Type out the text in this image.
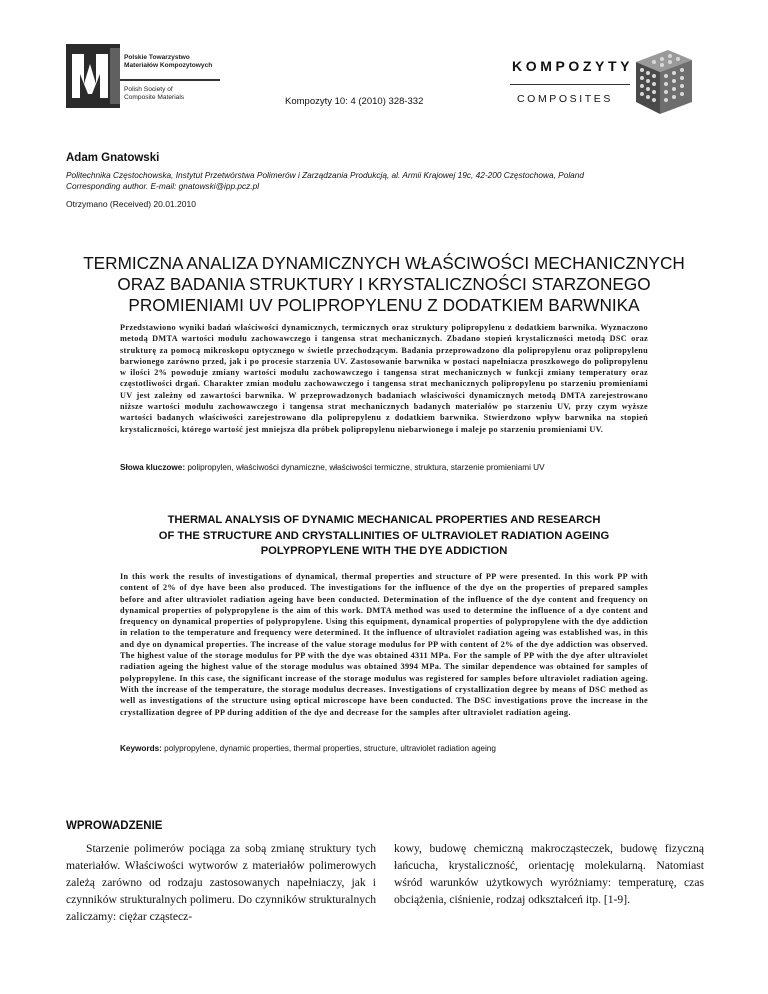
Polskie Towarzystwo
Materiałów Kompozytowych
Polish Society of
Composite Materials	Kompozyty 10: 4 (2010) 328-332
KOMPOZYTY
COMPOSITES
Adam Gnatowski
Politechnika Częstochowska, Instytut Przetwórstwa Polimerów i Zarządzania Produkcją, al. Armii Krajowej 19c, 42-200 Częstochowa, Poland
Corresponding author. E-mail: gnatowski@ipp.pcz.pl
Otrzymano (Received) 20.01.2010
TERMICZNA ANALIZA DYNAMICZNYCH WŁAŚCIWOŚCI MECHANICZNYCH
ORAZ BADANIA STRUKTURY I KRYSTALICZNOŚCI STARZONEGO
PROMIENIAMI UV POLIPROPYLENU Z DODATKIEM BARWNIKA
Przedstawiono wyniki badań właściwości dynamicznych, termicznych oraz struktury polipropylenu z dodatkiem barwnika. Wyznaczono metodą DMTA wartości modułu zachowawczego i tangensa strat mechanicznych. Zbadano stopień krystaliczności metodą DSC oraz strukturę za pomocą mikroskopu optycznego w świetle przechodzącym. Badania przeprowadzono dla polipropylenu oraz polipropylenu barwionego zarówno przed, jak i po procesie starzenia UV. Zastosowanie barwnika w postaci napełniacza proszkowego do polipropylenu w ilości 2% powoduje zmiany wartości modułu zachowawczego i tangensa strat mechanicznych w funkcji zmiany temperatury oraz częstotliwości drgań. Charakter zmian modułu zachowawczego i tangensa strat mechanicznych polipropylenu po starzeniu promieniami UV jest zależny od zawartości barwnika. W przeprowadzonych badaniach właściwości dynamicznych metodą DMTA zarejestrowano niższe wartości modułu zachowawczego i tangensa strat mechanicznych badanych materiałów po starzeniu UV, przy czym wyższe wartości badanych właściwości zarejestrowano dla polipropylenu z dodatkiem barwnika. Stwierdzono wpływ barwnika na stopień krystaliczności, którego wartość jest mniejsza dla próbek polipropylenu niebarwionego i maleje po starzeniu promieniami UV.
Słowa kluczowe: polipropylen, właściwości dynamiczne, właściwości termiczne, struktura, starzenie promieniami UV
THERMAL ANALYSIS OF DYNAMIC MECHANICAL PROPERTIES AND RESEARCH
OF THE STRUCTURE AND CRYSTALLINITIES OF ULTRAVIOLET RADIATION AGEING
POLYPROPYLENE WITH THE DYE ADDICTION
In this work the results of investigations of dynamical, thermal properties and structure of PP were presented. In this work PP with content of 2% of dye have been also produced. The investigations for the influence of the dye on the properties of prepared samples before and after ultraviolet radiation ageing have been conducted. Determination of the influence of the dye content and frequency on dynamical properties of polypropylene is the aim of this work. DMTA method was used to determine the influence of a dye content and frequency on dynamical properties of polypropylene. Using this equipment, dynamical properties of polypropylene with the dye addiction in relation to the temperature and frequency were determined. It the influence of ultraviolet radiation ageing was established was, in this and dye on dynamical properties. The increase of the value storage modulus for PP with content of 2% of the dye addiction was observed. The highest value of the storage modulus for PP with the dye was obtained 4311 MPa. For the sample of PP with the dye after ultraviolet radiation ageing the highest value of the storage modulus was obtained 3994 MPa. The similar dependence was obtained for samples of polypropylene. In this case, the significant increase of the storage modulus was registered for samples before ultraviolet radiation ageing. With the increase of the temperature, the storage modulus decreases. Investigations of crystallization degree by means of DSC method as well as investigations of the structure using optical microscope have been conducted. The DSC investigations prove the increase in the crystallization degree of PP during addition of the dye and decrease for the samples after ultraviolet radiation ageing.
Keywords: polypropylene, dynamic properties, thermal properties, structure, ultraviolet radiation ageing
WPROWADZENIE
Starzenie polimerów pociąga za sobą zmianę struktury tych materiałów. Właściwości wytworów z materiałów polimerowych zależą zarówno od rodzaju zastosowanych napełniaczy, jak i czynników strukturalnych polimeru. Do czynników strukturalnych zaliczamy: ciężar cząstecz-
kowy, budowę chemiczną makrocząsteczek, budowę fizyczną łańcucha, krystaliczność, orientację molekularną. Natomiast wśród warunków użytkowych wyróżniamy: temperaturę, czas obciążenia, ciśnienie, rodzaj odkształceń itp. [1-9].
